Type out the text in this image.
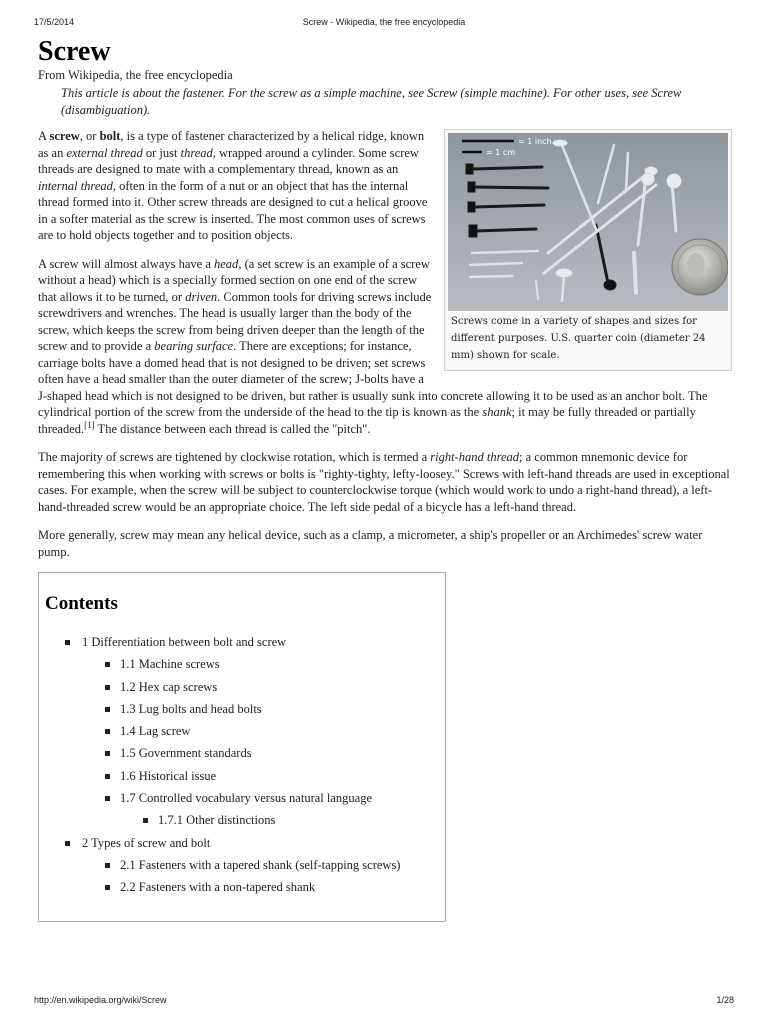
17/5/2014	Screw - Wikipedia, the free encyclopedia
Screw
From Wikipedia, the free encyclopedia
This article is about the fastener. For the screw as a simple machine, see Screw (simple machine). For other uses, see Screw (disambiguation).
= 1 inch
= 1 cm
Screws come in a variety of shapes and sizes for different purposes. U.S. quarter coin (diameter 24 mm) shown for scale.

A screw, or bolt, is a type of fastener characterized by a helical ridge, known as an external thread or just thread, wrapped around a cylinder. Some screw threads are designed to mate with a complementary thread, known as an internal thread, often in the form of a nut or an object that has the internal thread formed into it. Other screw threads are designed to cut a helical groove in a softer material as the screw is inserted. The most common uses of screws are to hold objects together and to position objects.

A screw will almost always have a head, (a set screw is an example of a screw without a head) which is a specially formed section on one end of the screw that allows it to be turned, or driven. Common tools for driving screws include screwdrivers and wrenches. The head is usually larger than the body of the screw, which keeps the screw from being driven deeper than the length of the screw and to provide a bearing surface. There are exceptions; for instance, carriage bolts have a domed head that is not designed to be driven; set screws often have a head smaller than the outer diameter of the screw; J-bolts have a J-shaped head which is not designed to be driven, but rather is usually sunk into concrete allowing it to be used as an anchor bolt. The cylindrical portion of the screw from the underside of the head to the tip is known as the shank; it may be fully threaded or partially threaded.[1] The distance between each thread is called the "pitch".

The majority of screws are tightened by clockwise rotation, which is termed a right-hand thread; a common mnemonic device for remembering this when working with screws or bolts is "righty-tighty, lefty-loosey." Screws with left-hand threads are used in exceptional cases. For example, when the screw will be subject to counterclockwise torque (which would work to undo a right-hand thread), a left-hand-threaded screw would be an appropriate choice. The left side pedal of a bicycle has a left-hand thread.

More generally, screw may mean any helical device, such as a clamp, a micrometer, a ship's propeller or an Archimedes' screw water pump.

Contents
1 Differentiation between bolt and screw
1.1 Machine screws
1.2 Hex cap screws
1.3 Lug bolts and head bolts
1.4 Lag screw
1.5 Government standards
1.6 Historical issue
1.7 Controlled vocabulary versus natural language
1.7.1 Other distinctions
2 Types of screw and bolt
2.1 Fasteners with a tapered shank (self-tapping screws)
2.2 Fasteners with a non-tapered shank
http://en.wikipedia.org/wiki/Screw	1/28
